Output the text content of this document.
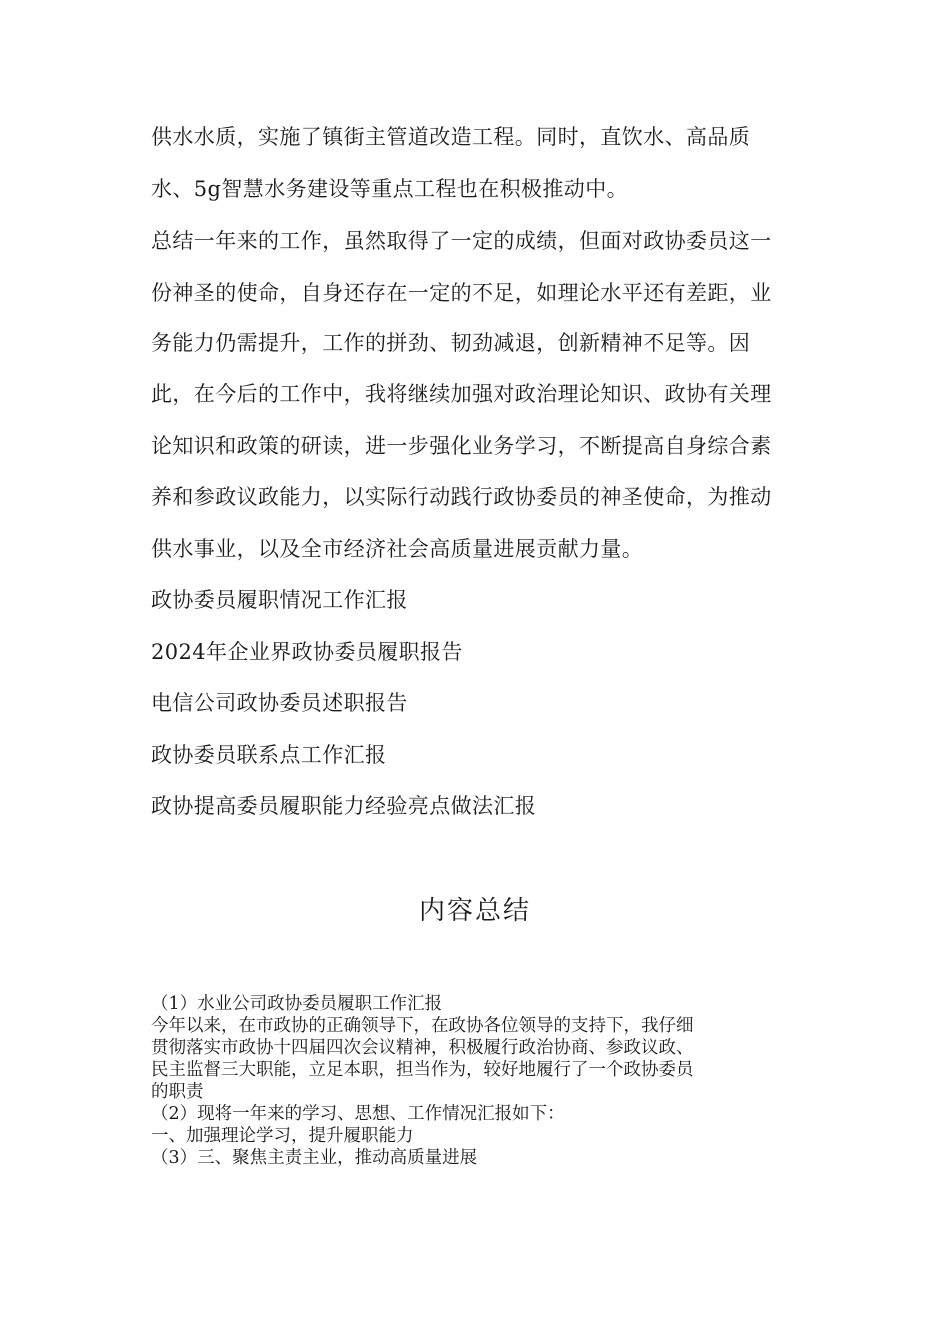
供水水质，实施了镇街主管道改造工程。同时，直饮水、高品质
水、5g智慧水务建设等重点工程也在积极推动中。
总结一年来的工作，虽然取得了一定的成绩，但面对政协委员这一
份神圣的使命，自身还存在一定的不足，如理论水平还有差距，业
务能力仍需提升，工作的拼劲、韧劲减退，创新精神不足等。因
此，在今后的工作中，我将继续加强对政治理论知识、政协有关理
论知识和政策的研读，进一步强化业务学习，不断提高自身综合素
养和参政议政能力，以实际行动践行政协委员的神圣使命，为推动
供水事业，以及全市经济社会高质量进展贡献力量。
政协委员履职情况工作汇报
2024年企业界政协委员履职报告
电信公司政协委员述职报告
政协委员联系点工作汇报
政协提高委员履职能力经验亮点做法汇报
内容总结
（1）水业公司政协委员履职工作汇报
今年以来，在市政协的正确领导下，在政协各位领导的支持下，我仔细
贯彻落实市政协十四届四次会议精神，积极履行政治协商、参政议政、
民主监督三大职能，立足本职，担当作为，较好地履行了一个政协委员
的职责
（2）现将一年来的学习、思想、工作情况汇报如下：
一、加强理论学习，提升履职能力
（3）三、聚焦主责主业，推动高质量进展
